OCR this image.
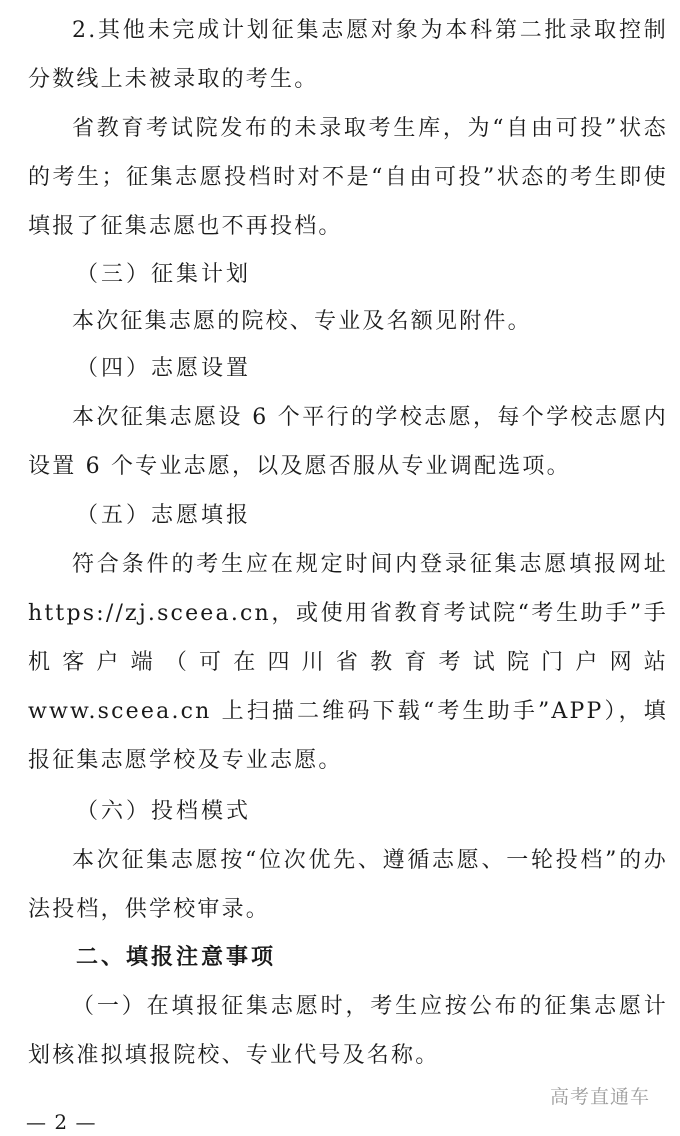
2.其他未完成计划征集志愿对象为本科第二批录取控制分数线上未被录取的考生。

省教育考试院发布的未录取考生库，为“自由可投”状态的考生；征集志愿投档时对不是“自由可投”状态的考生即使填报了征集志愿也不再投档。

（三）征集计划

本次征集志愿的院校、专业及名额见附件。

（四）志愿设置

本次征集志愿设 6 个平行的学校志愿，每个学校志愿内设置 6 个专业志愿，以及愿否服从专业调配选项。

（五）志愿填报

符合条件的考生应在规定时间内登录征集志愿填报网址 https://zj.sceea.cn，或使用省教育考试院“考生助手”手机客户端（可在四川省教育考试院门户网站 www.sceea.cn 上扫描二维码下载“考生助手”APP），填报征集志愿学校及专业志愿。

（六）投档模式

本次征集志愿按“位次优先、遵循志愿、一轮投档”的办法投档，供学校审录。

二、填报注意事项

（一）在填报征集志愿时，考生应按公布的征集志愿计划核准拟填报院校、专业代号及名称。

高考直通车
— 2 —
